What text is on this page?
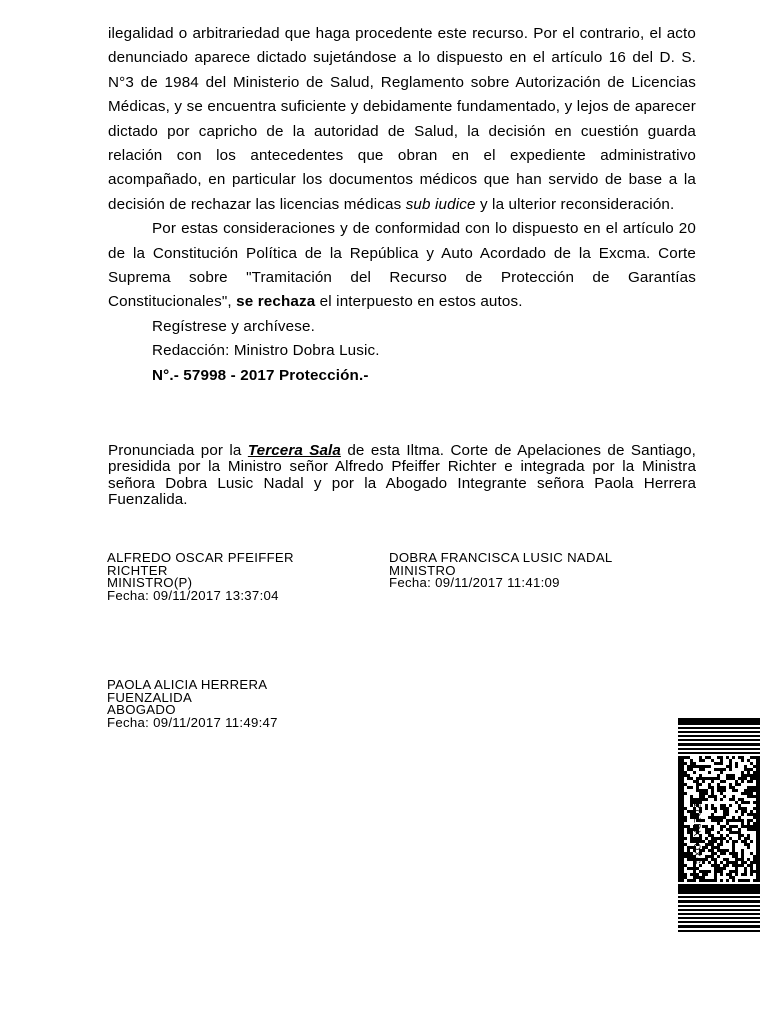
ilegalidad o arbitrariedad que haga procedente este recurso. Por el contrario, el acto denunciado aparece dictado sujetándose a lo dispuesto en el artículo 16 del D. S. N°3 de 1984 del Ministerio de Salud, Reglamento sobre Autorización de Licencias Médicas, y se encuentra suficiente y debidamente fundamentado, y lejos de aparecer dictado por capricho de la autoridad de Salud, la decisión en cuestión guarda relación con los antecedentes que obran en el expediente administrativo acompañado, en particular los documentos médicos que han servido de base a la decisión de rechazar las licencias médicas sub iudice y la ulterior reconsideración.

Por estas consideraciones y de conformidad con lo dispuesto en el artículo 20 de la Constitución Política de la República y Auto Acordado de la Excma. Corte Suprema sobre "Tramitación del Recurso de Protección de Garantías Constitucionales", se rechaza el interpuesto en estos autos.

Regístrese y archívese.
Redacción: Ministro Dobra Lusic.
N°.- 57998 - 2017 Protección.-
Pronunciada por la Tercera Sala de esta Iltma. Corte de Apelaciones de Santiago, presidida por la Ministro señor Alfredo Pfeiffer Richter e integrada por la Ministra señora Dobra Lusic Nadal y por la Abogado Integrante señora Paola Herrera Fuenzalida.
ALFREDO OSCAR PFEIFFER
RICHTER
MINISTRO(P)
Fecha: 09/11/2017 13:37:04
DOBRA FRANCISCA LUSIC NADAL
MINISTRO
Fecha: 09/11/2017 11:41:09
PAOLA ALICIA HERRERA
FUENZALIDA
ABOGADO
Fecha: 09/11/2017 11:49:47
BZQZDXXQXG
